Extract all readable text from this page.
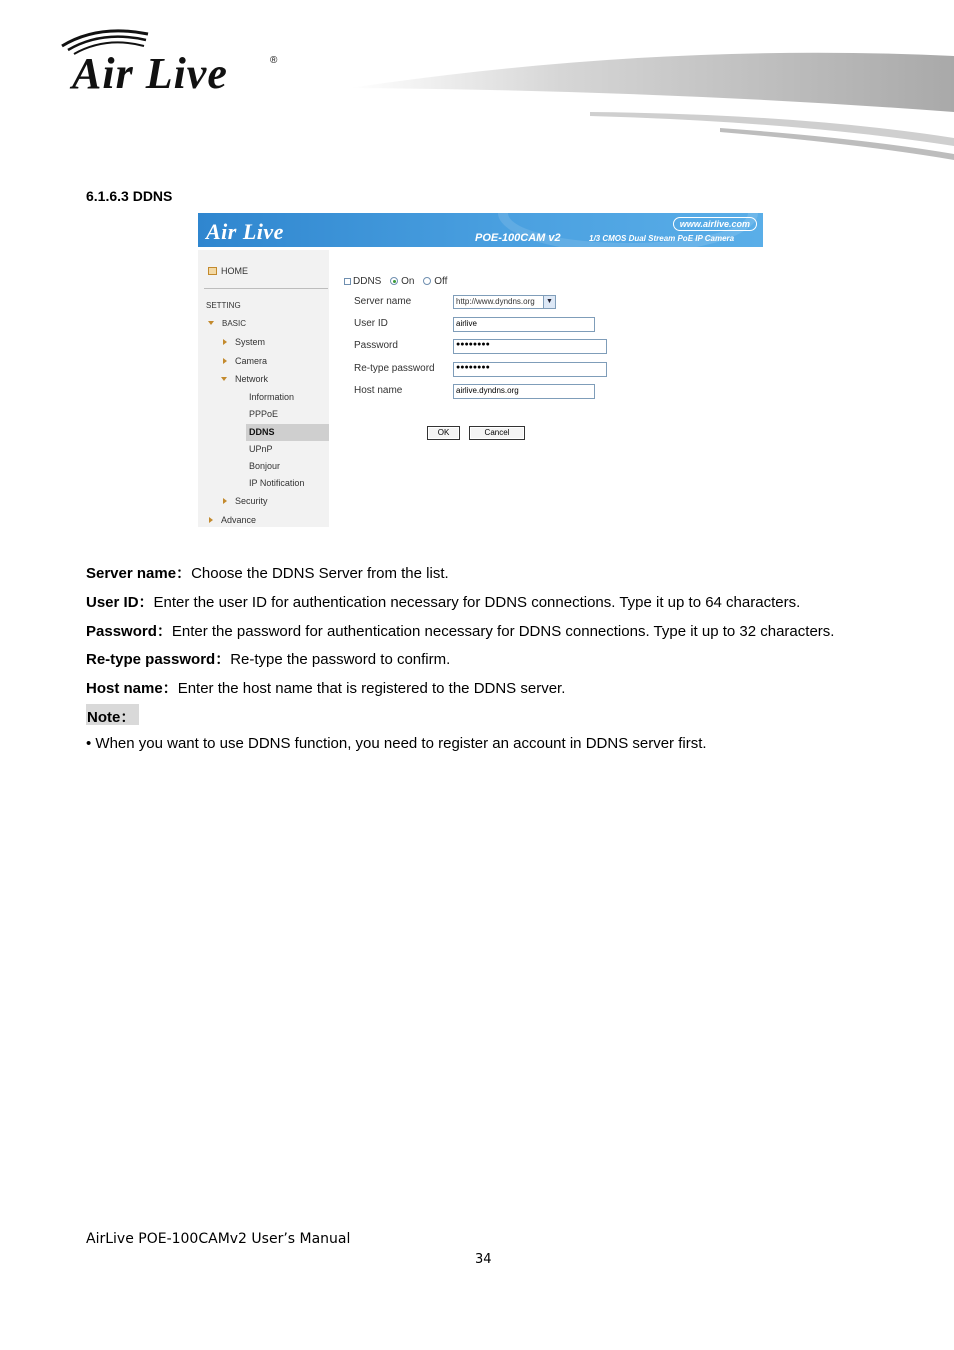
Air Live	®
6.1.6.3 DDNS
Air Live	www.airlive.com
POE-100CAM v2	1/3 CMOS Dual Stream PoE IP Camera
HOME
SETTING
BASIC
System
Camera
Network
Information
PPPoE
DDNS
UPnP
Bonjour
IP Notification
Security
Advance
DDNS On Off
Server name	http://www.dyndns.org	▼
User ID	airlive
Password	●●●●●●●●
Re-type password	●●●●●●●●
Host name	airlive.dyndns.org
OK	Cancel
Server name：Choose the DDNS Server from the list.
User ID：Enter the user ID for authentication necessary for DDNS connections. Type it up to 64 characters.
Password：Enter the password for authentication necessary for DDNS connections. Type it up to 32 characters.
Re-type password：Re-type the password to confirm.
Host name：Enter the host name that is registered to the DDNS server.
Note：
• When you want to use DDNS function, you need to register an account in DDNS server first.
AirLive POE-100CAMv2 User’s Manual
34
